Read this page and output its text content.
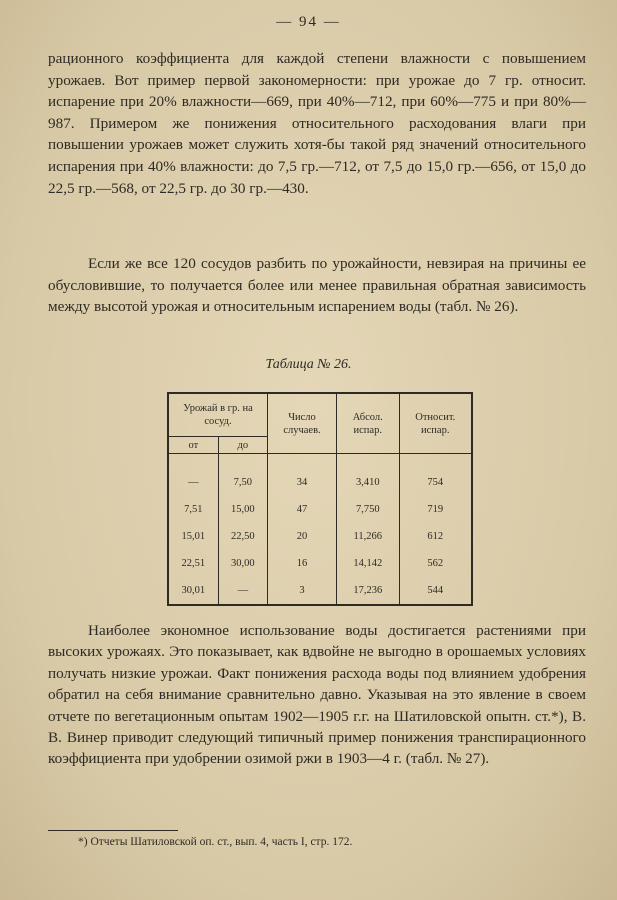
— 94 —

рационного коэффициента для каждой степени влажности с повышением урожаев. Вот пример первой закономерности: при урожае до 7 гр. относит. испарение при 20% влажности—669, при 40%—712, при 60%—775 и при 80%—987. Примером же понижения относительного расходования влаги при повышении урожаев может служить хотя-бы такой ряд значений относительного испарения при 40% влажности: до 7,5 гр.—712, от 7,5 до 15,0 гр.—656, от 15,0 до 22,5 гр.—568, от 22,5 гр. до 30 гр.—430.

Если же все 120 сосудов разбить по урожайности, невзирая на причины ее обусловившие, то получается более или менее правильная обратная зависимость между высотой урожая и относительным испарением воды (табл. № 26).

Таблица № 26.
Урожай в гр. на сосуд.		Число случаев.	Абсол. испар.	Относит. испар.
от	до			

—	7,50	34	3,410	754
7,51	15,00	47	7,750	719
15,01	22,50	20	11,266	612
22,51	30,00	16	14,142	562
30,01	—	3	17,236	544

Наиболее экономное использование воды достигается растениями при высоких урожаях. Это показывает, как вдвойне не выгодно в орошаемых условиях получать низкие урожаи. Факт понижения расхода воды под влиянием удобрения обратил на себя внимание сравнительно давно. Указывая на это явление в своем отчете по вегетационным опытам 1902—1905 г.г. на Шатиловской опытн. ст.*), В. В. Винер приводит следующий типичный пример понижения транспирационного коэффициента при удобрении озимой ржи в 1903—4 г. (табл. № 27).

*) Отчеты Шатиловской оп. ст., вып. 4, часть I, стр. 172.
